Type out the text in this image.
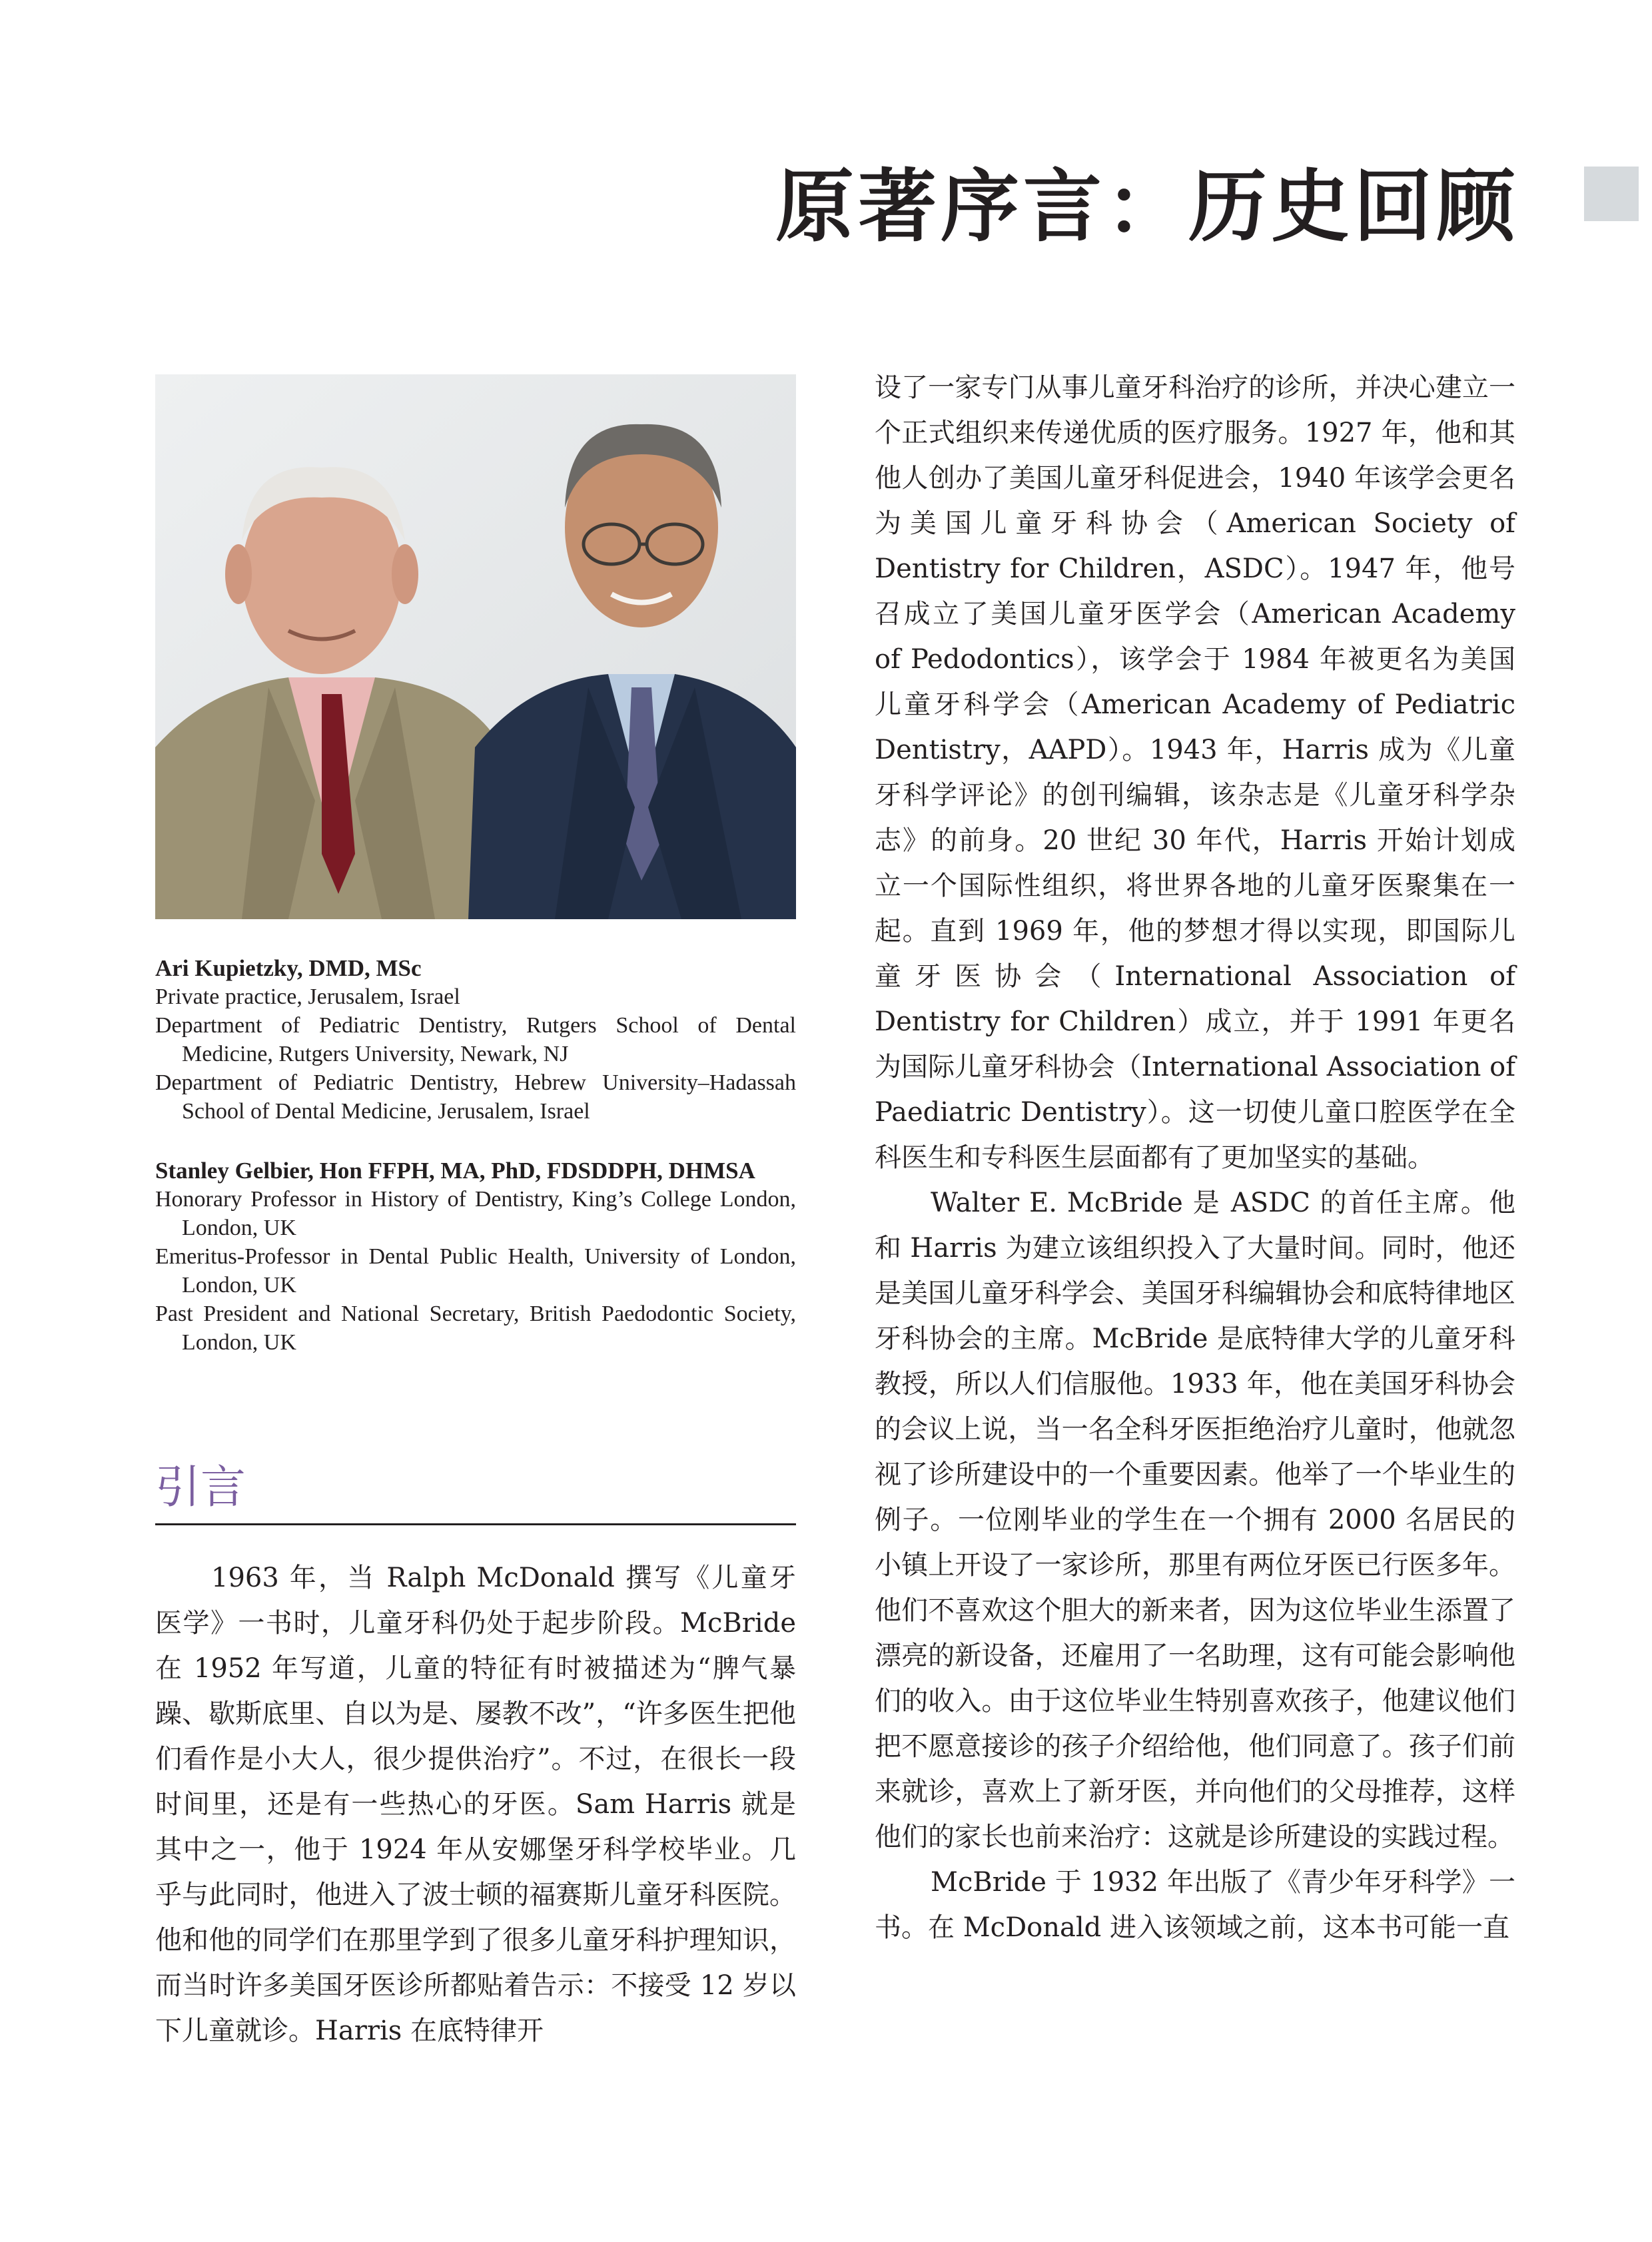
原著序言：历史回顾
Ari Kupietzky, DMD, MSc
Private practice, Jerusalem, Israel
Department of Pediatric Dentistry, Rutgers School of Dental Medicine, Rutgers University, Newark, NJ
Department of Pediatric Dentistry, Hebrew University–Hadassah School of Dental Medicine, Jerusalem, Israel
Stanley Gelbier, Hon FFPH, MA, PhD, FDSDDPH, DHMSA
Honorary Professor in History of Dentistry, King’s College London, London, UK
Emeritus-Professor in Dental Public Health, University of London, London, UK
Past President and National Secretary, British Paedodontic Society, London, UK
引言

1963 年，当 Ralph McDonald 撰写《儿童牙医学》一书时，儿童牙科仍处于起步阶段。McBride 在 1952 年写道，儿童的特征有时被描述为“脾气暴躁、歇斯底里、自以为是、屡教不改”，“许多医生把他们看作是小大人，很少提供治疗”。不过，在很长一段时间里，还是有一些热心的牙医。Sam Harris 就是其中之一，他于 1924 年从安娜堡牙科学校毕业。几乎与此同时，他进入了波士顿的福赛斯儿童牙科医院。他和他的同学们在那里学到了很多儿童牙科护理知识，而当时许多美国牙医诊所都贴着告示：不接受 12 岁以下儿童就诊。Harris 在底特律开

设了一家专门从事儿童牙科治疗的诊所，并决心建立一个正式组织来传递优质的医疗服务。1927 年，他和其他人创办了美国儿童牙科促进会，1940 年该学会更名为美国儿童牙科协会（American Society of Dentistry for Children，ASDC）。1947 年，他号召成立了美国儿童牙医学会（American Academy of Pedodontics），该学会于 1984 年被更名为美国儿童牙科学会（American Academy of Pediatric Dentistry，AAPD）。1943 年，Harris 成为《儿童牙科学评论》的创刊编辑，该杂志是《儿童牙科学杂志》的前身。20 世纪 30 年代，Harris 开始计划成立一个国际性组织，将世界各地的儿童牙医聚集在一起。直到 1969 年，他的梦想才得以实现，即国际儿童牙医协会（International Association of Dentistry for Children）成立，并于 1991 年更名为国际儿童牙科协会（International Association of Paediatric Dentistry）。这一切使儿童口腔医学在全科医生和专科医生层面都有了更加坚实的基础。

Walter E. McBride 是 ASDC 的首任主席。他和 Harris 为建立该组织投入了大量时间。同时，他还是美国儿童牙科学会、美国牙科编辑协会和底特律地区牙科协会的主席。McBride 是底特律大学的儿童牙科教授，所以人们信服他。1933 年，他在美国牙科协会的会议上说，当一名全科牙医拒绝治疗儿童时，他就忽视了诊所建设中的一个重要因素。他举了一个毕业生的例子。一位刚毕业的学生在一个拥有 2000 名居民的小镇上开设了一家诊所，那里有两位牙医已行医多年。他们不喜欢这个胆大的新来者，因为这位毕业生添置了漂亮的新设备，还雇用了一名助理，这有可能会影响他们的收入。由于这位毕业生特别喜欢孩子，他建议他们把不愿意接诊的孩子介绍给他，他们同意了。孩子们前来就诊，喜欢上了新牙医，并向他们的父母推荐，这样他们的家长也前来治疗：这就是诊所建设的实践过程。

McBride 于 1932 年出版了《青少年牙科学》一书。在 McDonald 进入该领域之前，这本书可能一直
